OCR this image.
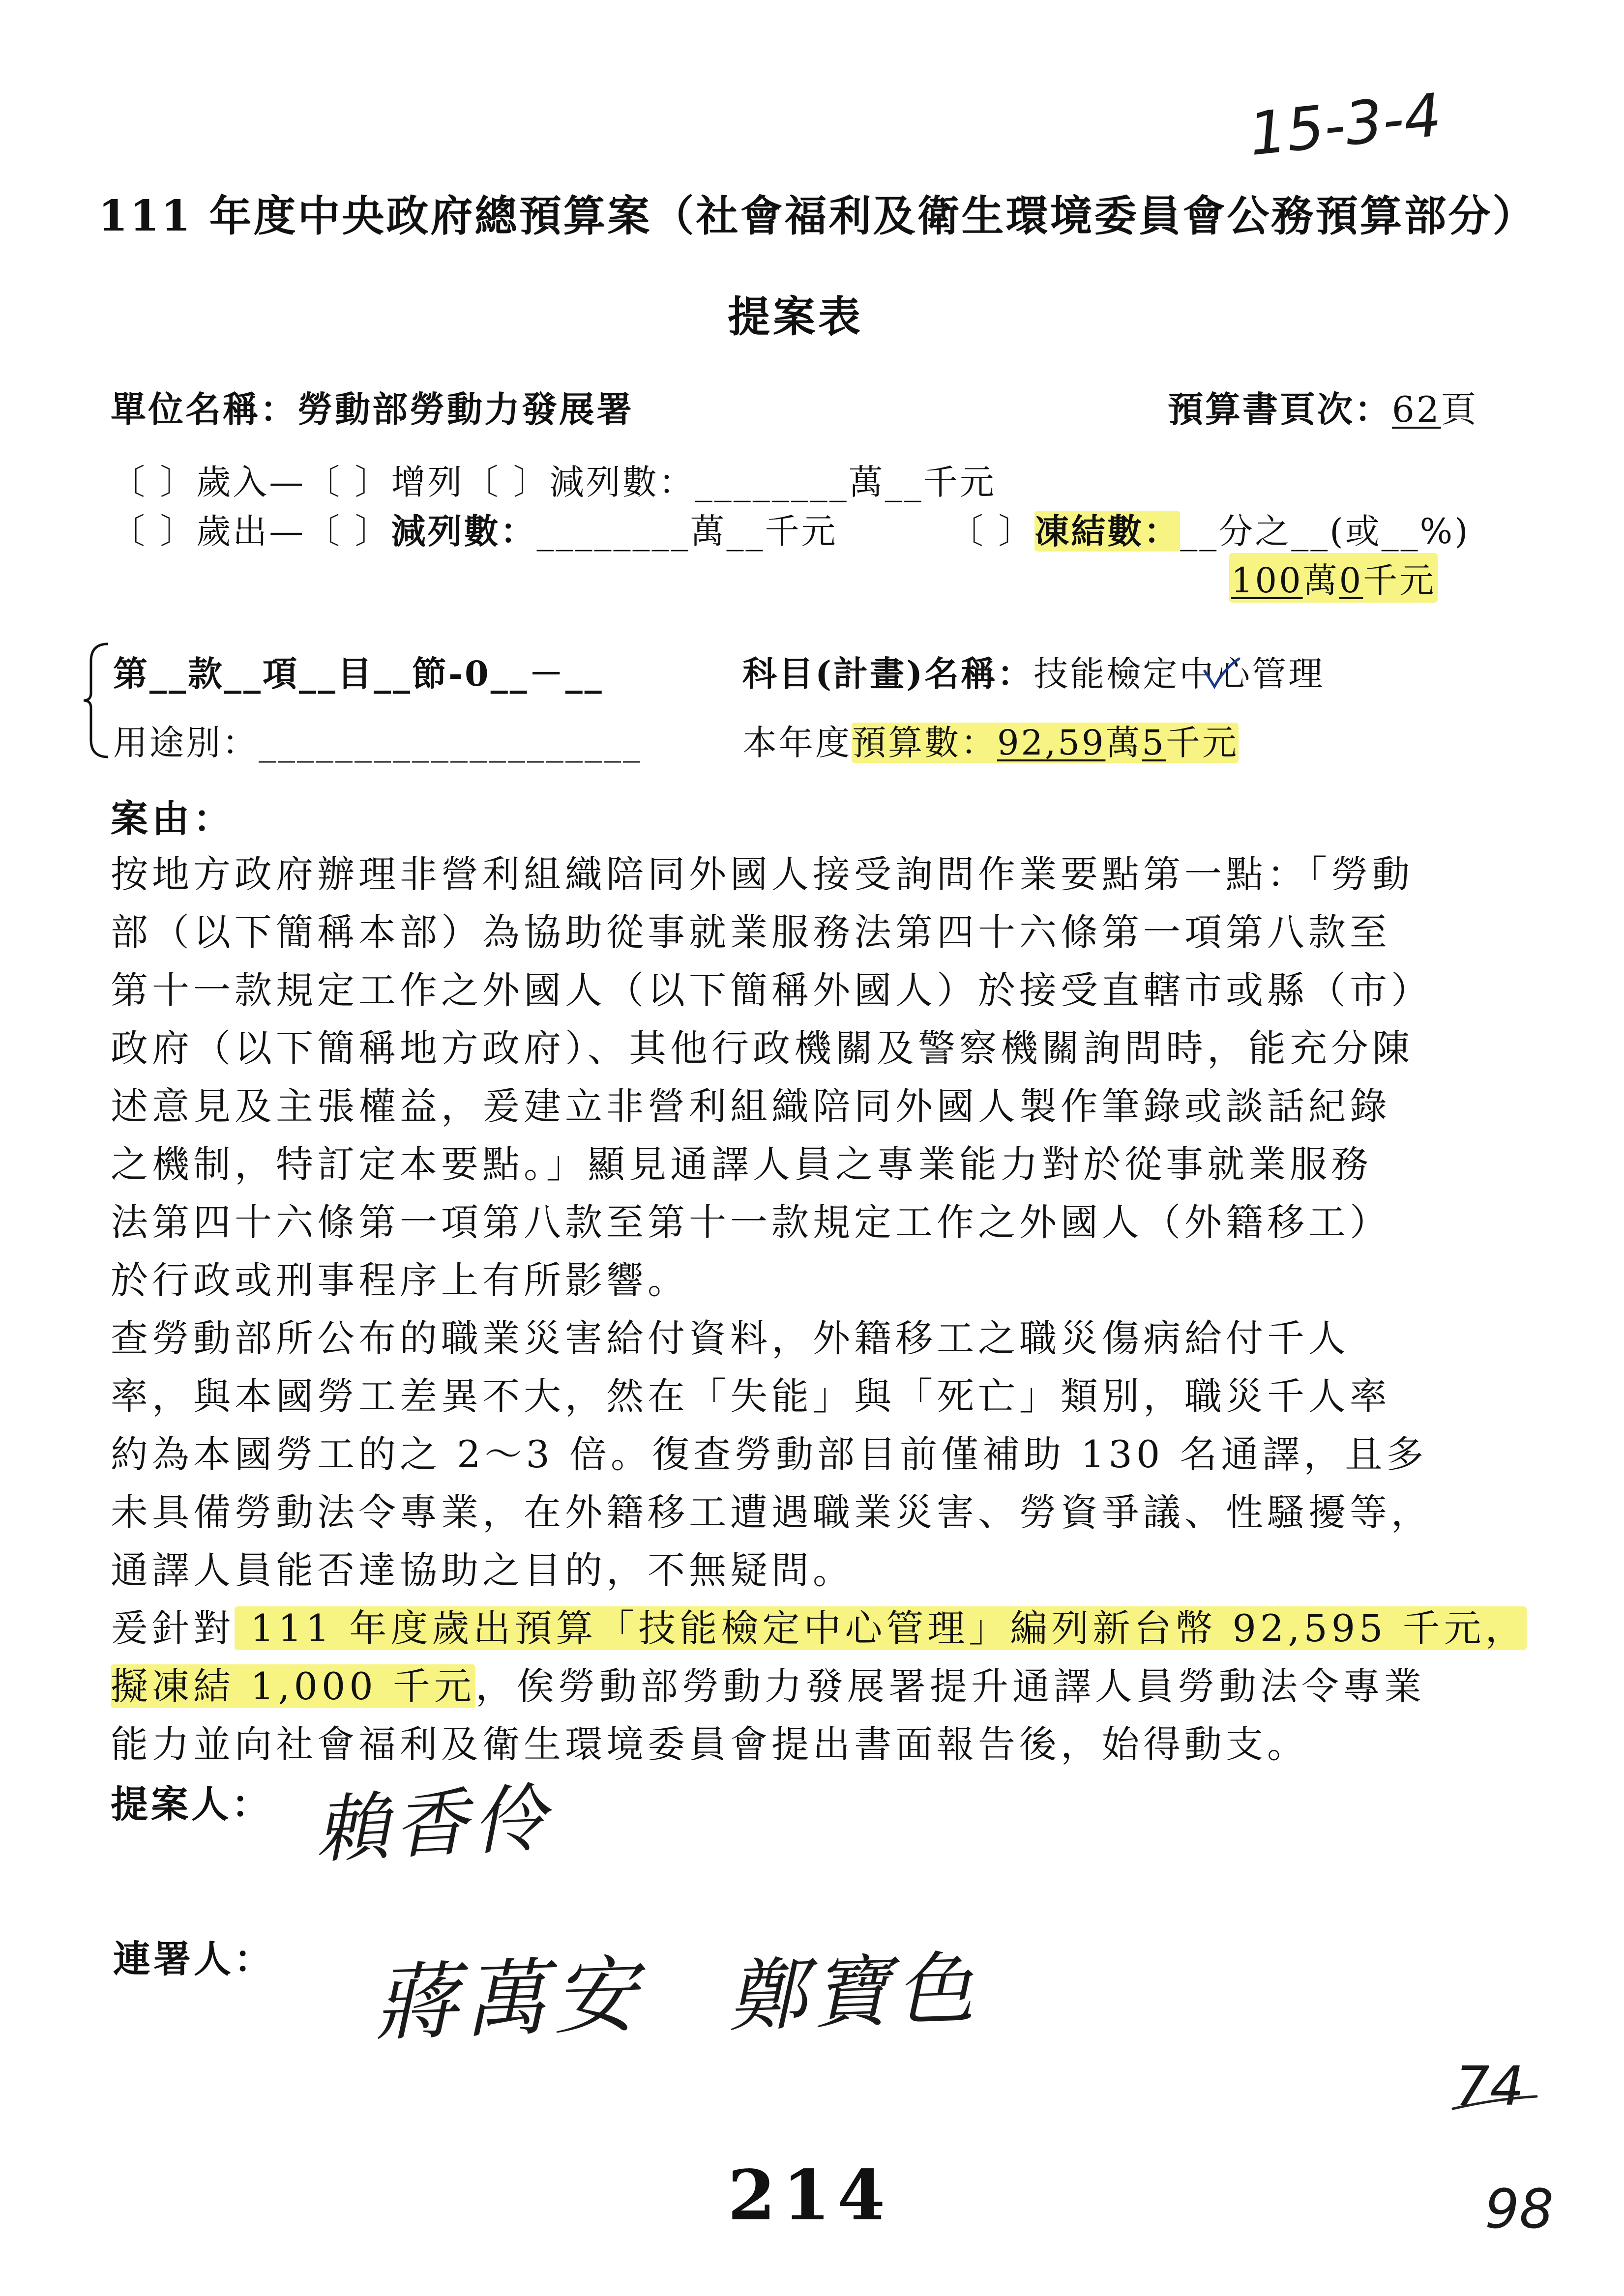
15-3-4
111 年度中央政府總預算案（社會福利及衛生環境委員會公務預算部分）
提案表
單位名稱：勞動部勞動力發展署	預算書頁次：62頁
〔 〕歲入—〔 〕增列〔 〕減列數：________萬__千元
〔 〕歲出—〔 〕減列數：________萬__千元	〔 〕凍結數：__分之__(或__%)
100萬0千元
第__款__項__目__節-0__－__
用途別：____________________
科目(計畫)名稱：技能檢定中心管理
本年度預算數：92,59萬5千元
案由：
按地方政府辦理非營利組織陪同外國人接受詢問作業要點第一點：「勞動
部（以下簡稱本部）為協助從事就業服務法第四十六條第一項第八款至
第十一款規定工作之外國人（以下簡稱外國人）於接受直轄市或縣（市）
政府（以下簡稱地方政府）、其他行政機關及警察機關詢問時，能充分陳
述意見及主張權益，爰建立非營利組織陪同外國人製作筆錄或談話紀錄
之機制，特訂定本要點。」顯見通譯人員之專業能力對於從事就業服務
法第四十六條第一項第八款至第十一款規定工作之外國人（外籍移工）
於行政或刑事程序上有所影響。
查勞動部所公布的職業災害給付資料，外籍移工之職災傷病給付千人
率，與本國勞工差異不大，然在「失能」與「死亡」類別，職災千人率
約為本國勞工的之 2～3 倍。復查勞動部目前僅補助 130 名通譯，且多
未具備勞動法令專業，在外籍移工遭遇職業災害、勞資爭議、性騷擾等，
通譯人員能否達協助之目的，不無疑問。
爰針對 111 年度歲出預算「技能檢定中心管理」編列新台幣 92,595 千元，
擬凍結 1,000 千元，俟勞動部勞動力發展署提升通譯人員勞動法令專業
能力並向社會福利及衛生環境委員會提出書面報告後，始得動支。
提案人： 賴香伶
連署人： 蔣萬安 鄭寶色
214
74
98
